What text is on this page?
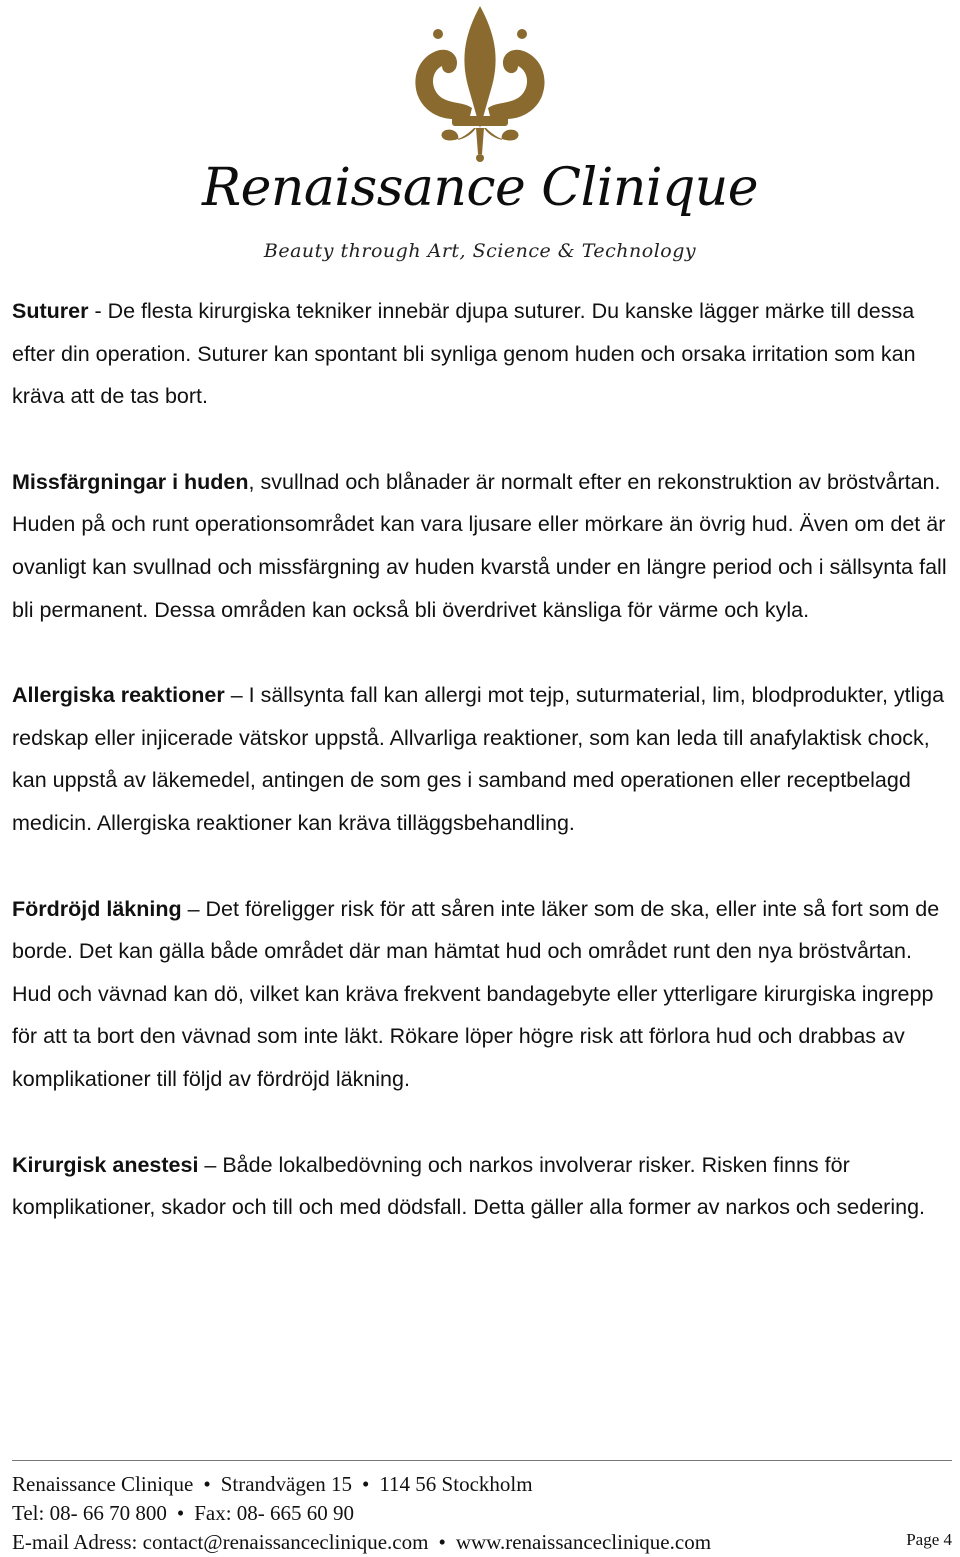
Renaissance Clinique
Beauty through Art, Science & Technology

Suturer - De flesta kirurgiska tekniker innebär djupa suturer. Du kanske lägger märke till dessa efter din operation. Suturer kan spontant bli synliga genom huden och orsaka irritation som kan kräva att de tas bort.

Missfärgningar i huden, svullnad och blånader är normalt efter en rekonstruktion av bröstvårtan. Huden på och runt operationsområdet kan vara ljusare eller mörkare än övrig hud. Även om det är ovanligt kan svullnad och missfärgning av huden kvarstå under en längre period och i sällsynta fall bli permanent. Dessa områden kan också bli överdrivet känsliga för värme och kyla.

Allergiska reaktioner – I sällsynta fall kan allergi mot tejp, suturmaterial, lim, blodprodukter, ytliga redskap eller injicerade vätskor uppstå. Allvarliga reaktioner, som kan leda till anafylaktisk chock, kan uppstå av läkemedel, antingen de som ges i samband med operationen eller receptbelagd medicin. Allergiska reaktioner kan kräva tilläggsbehandling.

Fördröjd läkning – Det föreligger risk för att såren inte läker som de ska, eller inte så fort som de borde. Det kan gälla både området där man hämtat hud och området runt den nya bröstvårtan. Hud och vävnad kan dö, vilket kan kräva frekvent bandagebyte eller ytterligare kirurgiska ingrepp för att ta bort den vävnad som inte läkt. Rökare löper högre risk att förlora hud och drabbas av komplikationer till följd av fördröjd läkning.

Kirurgisk anestesi – Både lokalbedövning och narkos involverar risker. Risken finns för komplikationer, skador och till och med dödsfall. Detta gäller alla former av narkos och sedering.

Renaissance Clinique • Strandvägen 15 • 114 56 Stockholm
Tel: 08- 66 70 800 • Fax: 08- 665 60 90
E-mail Adress: contact@renaissanceclinique.com • www.renaissanceclinique.com	Page 4
